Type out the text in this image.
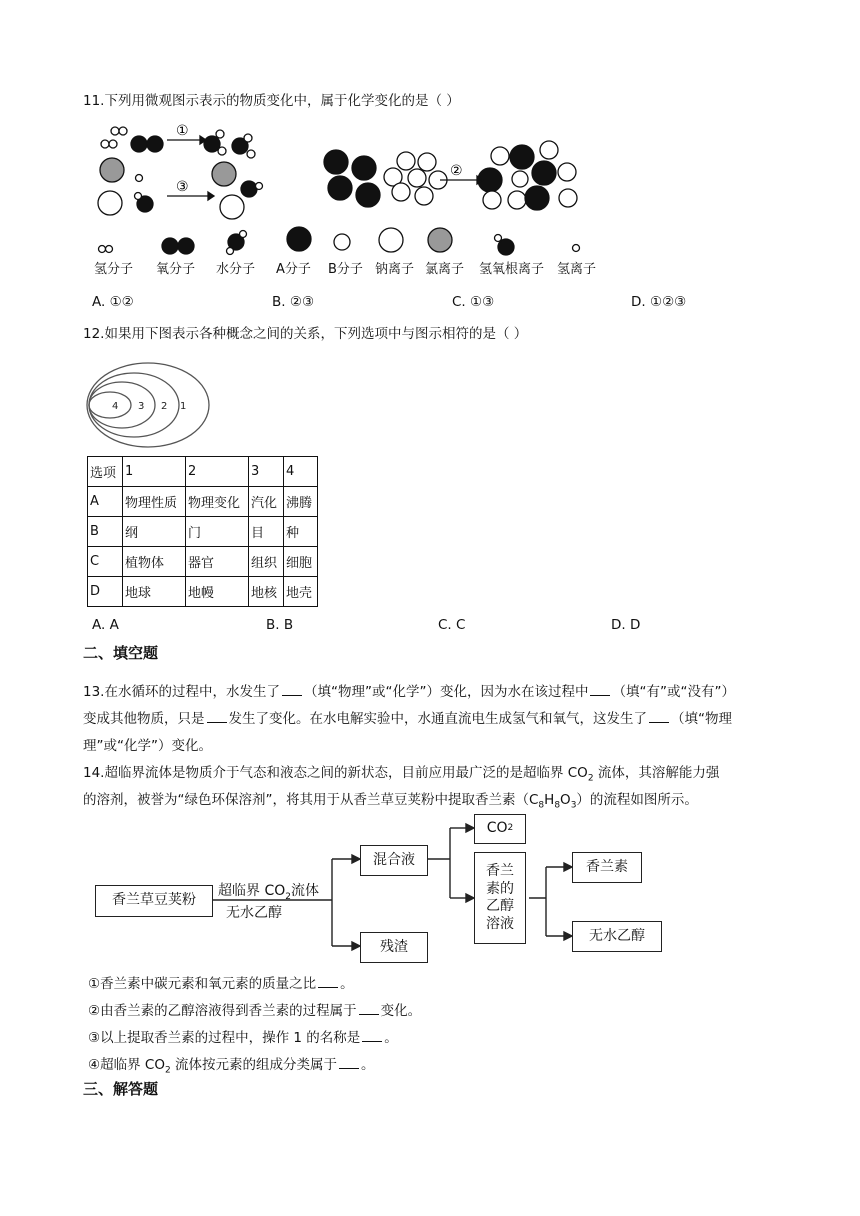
11.下列用微观图示表示的物质变化中，属于化学变化的是（ ）
①
③
②
氢分子 氧分子 水分子 A分子 B分子 钠离子 氯离子 氢氧根离子 氢离子
A. ①②	B. ②③	C. ①③	D. ①②③
12.如果用下图表示各种概念之间的关系，下列选项中与图示相符的是（ ）
4 3 2 1
选项	1	2	3	4
A	物理性质	物理变化	汽化	沸腾
B	纲	门	目	种
C	植物体	器官	组织	细胞
D	地球	地幔	地核	地壳
A. A	B. B	C. C	D. D
二、填空题
13.在水循环的过程中，水发生了 （填“物理”或“化学”）变化，因为水在该过程中 （填“有”或“没有”）
变成其他物质，只是 发生了变化。在水电解实验中，水通直流电生成氢气和氧气，这发生了 （填“物理
理”或“化学”）变化。
14.超临界流体是物质介于气态和液态之间的新状态，目前应用最广泛的是超临界 $CO_2$ 流体，其溶解能力强
的溶剂，被誉为“绿色环保溶剂”，将其用于从香兰草豆荚粉中提取香兰素$(C_8H_8O_3)$的流程如图所示。
香兰草豆荚粉
超临界 $CO_2$流体
无水乙醇
混合液
残渣
CO 2
香兰素的乙醇溶液
香兰素
无水乙醇
①香兰素中碳元素和氧元素的质量之比 。
②由香兰素的乙醇溶液得到香兰素的过程属于 变化。
③以上提取香兰素的过程中，操作 1 的名称是 。
④超临界 $CO_2$ 流体按元素的组成分类属于 。
三、解答题
